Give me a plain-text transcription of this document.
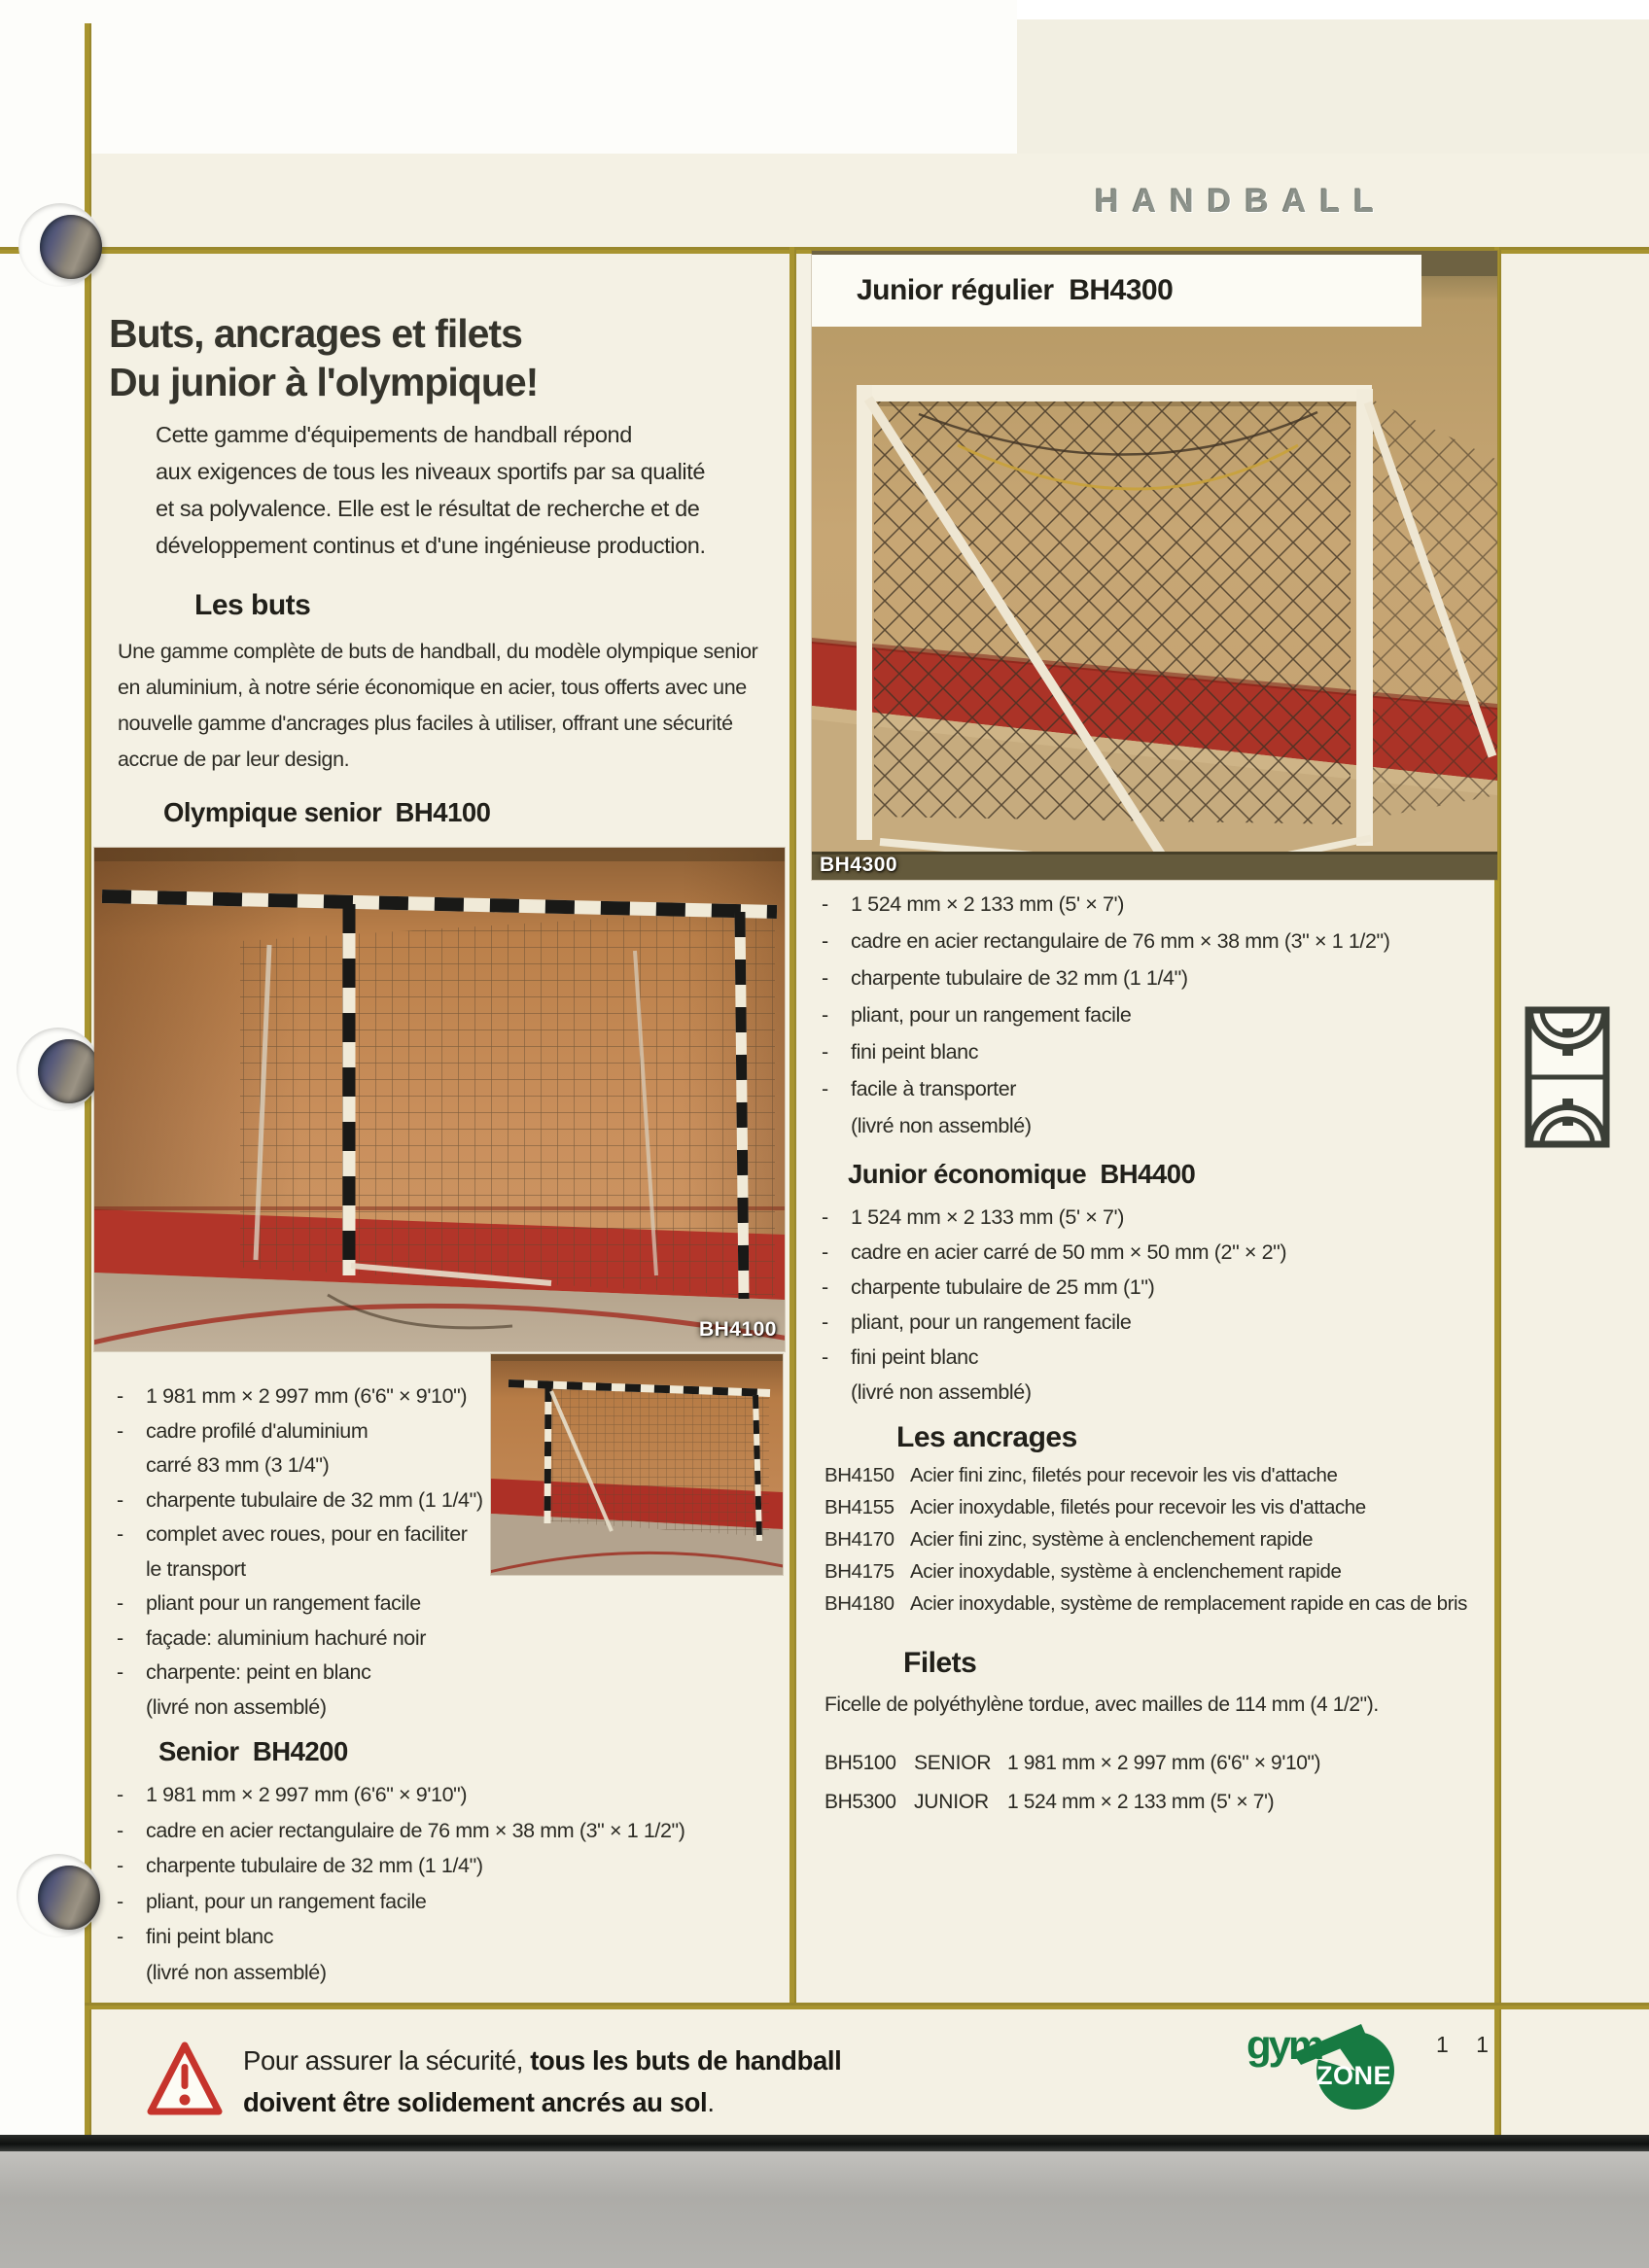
HANDBALL
Buts, ancrages et filets
Du junior à l'olympique!
Cette gamme d'équipements de handball répond
aux exigences de tous les niveaux sportifs par sa qualité
et sa polyvalence. Elle est le résultat de recherche et de
développement continus et d'une ingénieuse production.
Les buts
Une gamme complète de buts de handball, du modèle olympique senior
en aluminium, à notre série économique en acier, tous offerts avec une
nouvelle gamme d'ancrages plus faciles à utiliser, offrant une sécurité
accrue de par leur design.
Olympique senior  BH4100
BH4100
-	1 981 mm × 2 997 mm (6'6" × 9'10")
-	cadre profilé d'aluminium
carré 83 mm (3 1/4")
-	charpente tubulaire de 32 mm (1 1/4")
-	complet avec roues, pour en faciliter
le transport
-	pliant pour un rangement facile
-	façade: aluminium hachuré noir
-	charpente: peint en blanc
(livré non assemblé)
Senior  BH4200
-	1 981 mm × 2 997 mm (6'6" × 9'10")
-	cadre en acier rectangulaire de 76 mm × 38 mm (3" × 1 1/2")
-	charpente tubulaire de 32 mm (1 1/4")
-	pliant, pour un rangement facile
-	fini peint blanc
(livré non assemblé)
BH4300
Junior régulier  BH4300
-	1 524 mm × 2 133 mm (5' × 7')
-	cadre en acier rectangulaire de 76 mm × 38 mm (3" × 1 1/2")
-	charpente tubulaire de 32 mm (1 1/4")
-	pliant, pour un rangement facile
-	fini peint blanc
-	facile à transporter
(livré non assemblé)
Junior économique  BH4400
-	1 524 mm × 2 133 mm (5' × 7')
-	cadre en acier carré de 50 mm × 50 mm (2" × 2")
-	charpente tubulaire de 25 mm (1")
-	pliant, pour un rangement facile
-	fini peint blanc
(livré non assemblé)
Les ancrages
BH4150 Acier fini zinc, filetés pour recevoir les vis d'attache
BH4155 Acier inoxydable, filetés pour recevoir les vis d'attache
BH4170 Acier fini zinc, système à enclenchement rapide
BH4175 Acier inoxydable, système à enclenchement rapide
BH4180 Acier inoxydable, système de remplacement rapide en cas de bris
Filets
Ficelle de polyéthylène tordue, avec mailles de 114 mm (4 1/2").
BH5100 SENIOR 1 981 mm × 2 997 mm (6'6" × 9'10")
BH5300 JUNIOR 1 524 mm × 2 133 mm (5' × 7')
Pour assurer la sécurité, tous les buts de handball
doivent être solidement ancrés au sol.
gym
ZONE
1 1
